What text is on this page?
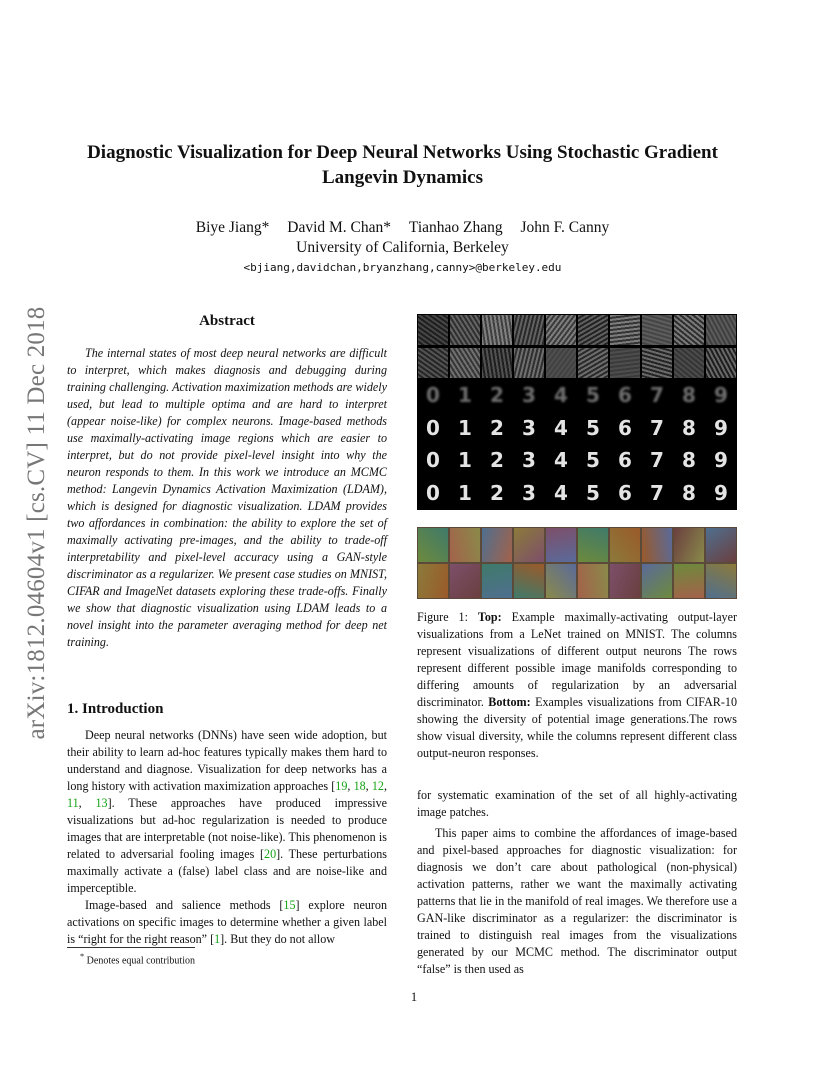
arXiv:1812.04604v1 [cs.CV] 11 Dec 2018
Diagnostic Visualization for Deep Neural Networks Using Stochastic Gradient
Langevin Dynamics
Biye Jiang* David M. Chan* Tianhao Zhang John F. Canny
University of California, Berkeley
<bjiang,davidchan,bryanzhang,canny>@berkeley.edu
Abstract

The internal states of most deep neural networks are difficult to interpret, which makes diagnosis and debugging during training challenging. Activation maximization methods are widely used, but lead to multiple optima and are hard to interpret (appear noise-like) for complex neurons. Image-based methods use maximally-activating image regions which are easier to interpret, but do not provide pixel-level insight into why the neuron responds to them. In this work we introduce an MCMC method: Langevin Dynamics Activation Maximization (LDAM), which is designed for diagnostic visualization. LDAM provides two affordances in combination: the ability to explore the set of maximally activating pre-images, and the ability to trade-off interpretability and pixel-level accuracy using a GAN-style discriminator as a regularizer. We present case studies on MNIST, CIFAR and ImageNet datasets exploring these trade-offs. Finally we show that diagnostic visualization using LDAM leads to a novel insight into the parameter averaging method for deep net training.

1. Introduction

Deep neural networks (DNNs) have seen wide adoption, but their ability to learn ad-hoc features typically makes them hard to understand and diagnose. Visualization for deep networks has a long history with activation maximization approaches [19, 18, 12, 11, 13]. These approaches have produced impressive visualizations but ad-hoc regularization is needed to produce images that are interpretable (not noise-like). This phenomenon is related to adversarial fooling images [20]. These perturbations maximally activate a (false) label class and are noise-like and imperceptible.

Image-based and salience methods [15] explore neuron activations on specific images to determine whether a given label is “right for the right reason” [1]. But they do not allow

* Denotes equal contribution
0 1 2 3 4 5 6 7 8 9
0 1 2 3 4 5 6 7 8 9
0 1 2 3 4 5 6 7 8 9
0 1 2 3 4 5 6 7 8 9
Figure 1: Top: Example maximally-activating output-layer visualizations from a LeNet trained on MNIST. The columns represent visualizations of different output neurons The rows represent different possible image manifolds corresponding to differing amounts of regularization by an adversarial discriminator. Bottom: Examples visualizations from CIFAR-10 showing the diversity of potential image generations.The rows show visual diversity, while the columns represent different class output-neuron responses.

for systematic examination of the set of all highly-activating image patches.

This paper aims to combine the affordances of image-based and pixel-based approaches for diagnostic visualization: for diagnosis we don’t care about pathological (non-physical) activation patterns, rather we want the maximally activating patterns that lie in the manifold of real images. We therefore use a GAN-like discriminator as a regularizer: the discriminator is trained to distinguish real images from the visualizations generated by our MCMC method. The discriminator output “false” is then used as

1
